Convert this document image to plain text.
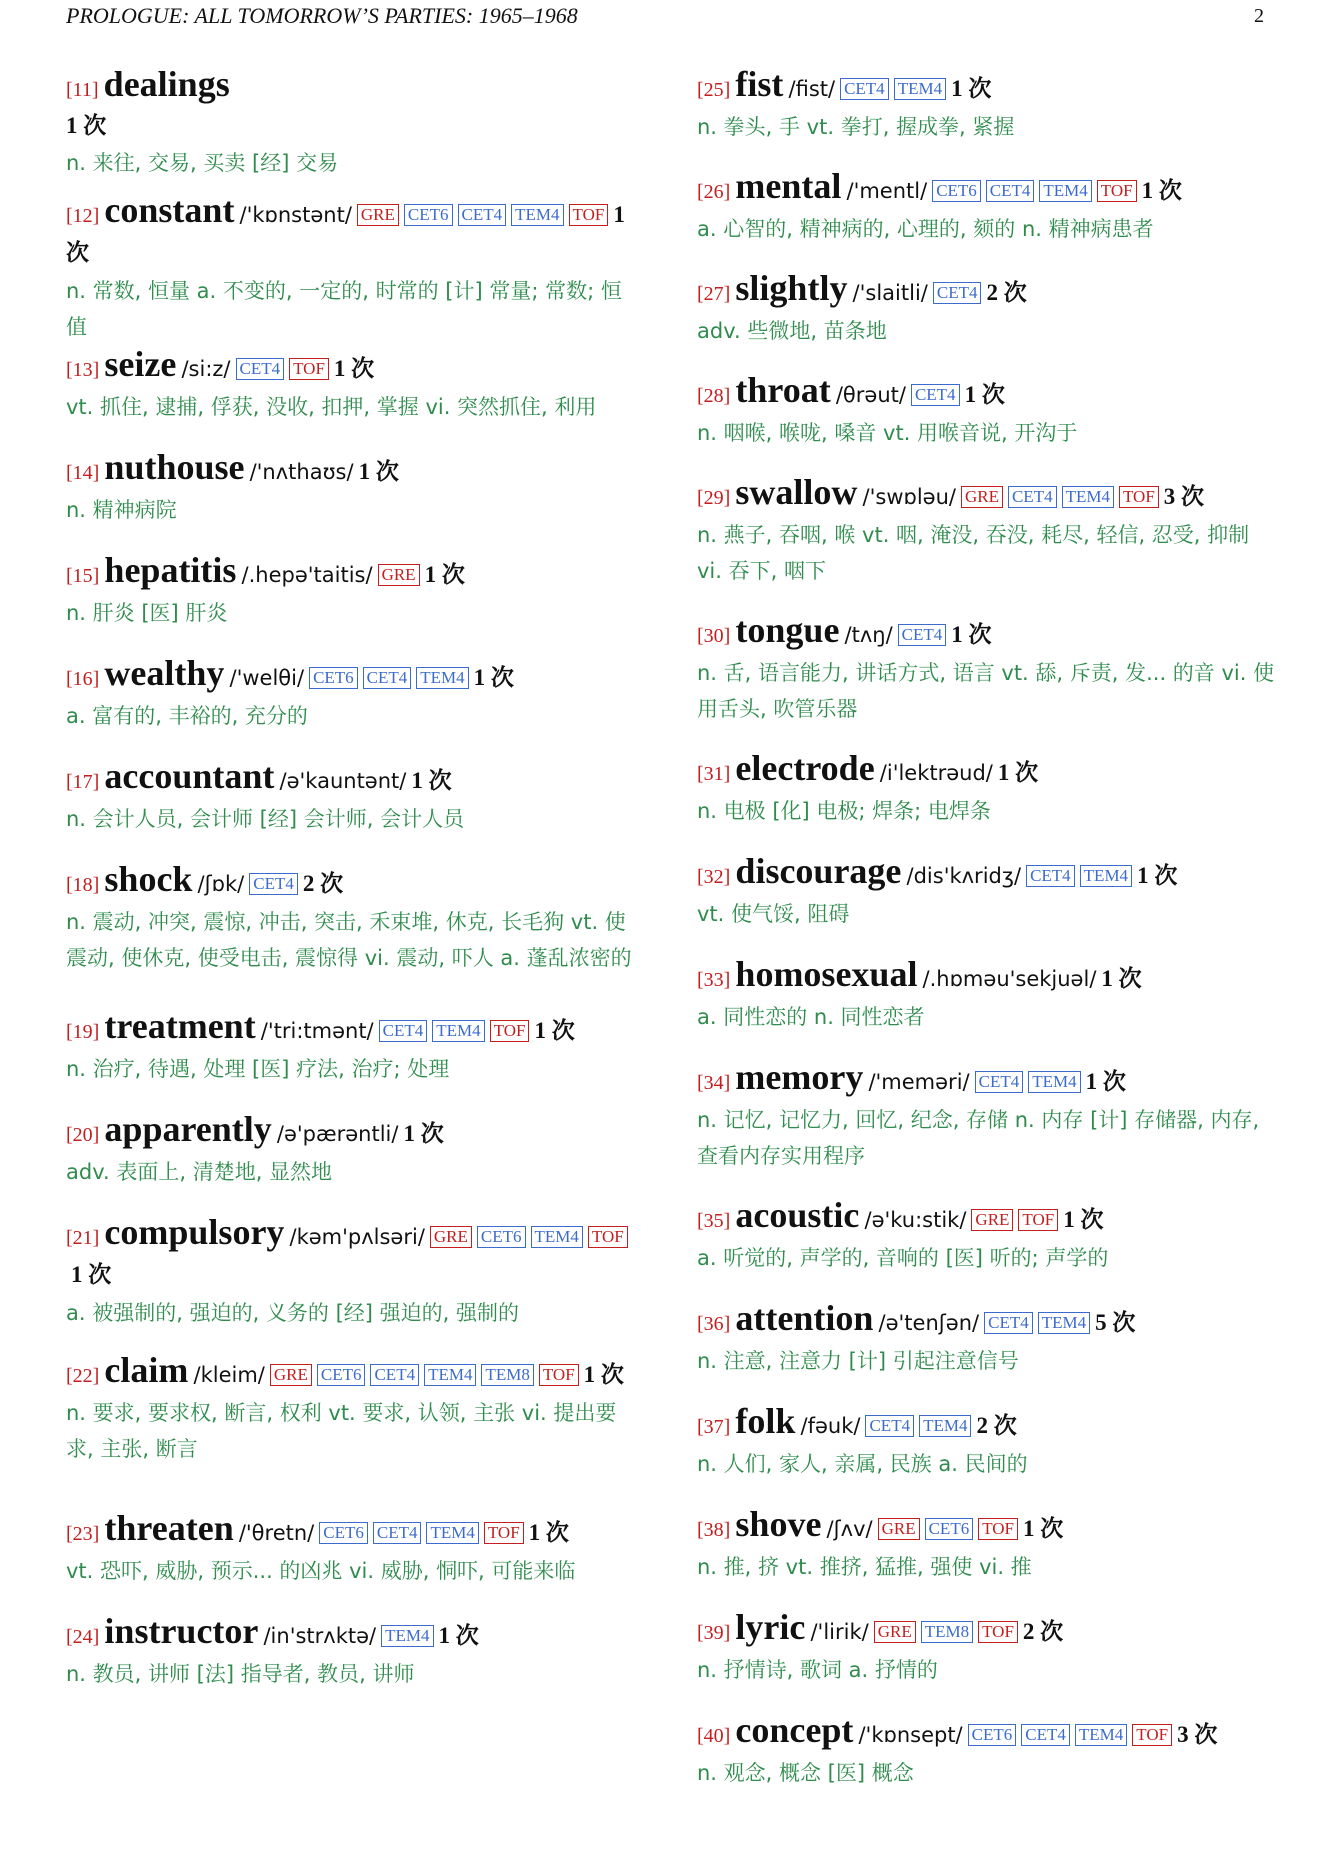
PROLOGUE: ALL TOMORROW’S PARTIES: 1965–1968	2
[11] dealings
1 次
n. 来往, 交易, 买卖 [经] 交易
[12] constant /'kɒnstənt/ GRE CET6 CET4 TEM4 TOF 1 次
n. 常数, 恒量 a. 不变的, 一定的, 时常的 [计] 常量; 常数; 恒值
[13] seize /si:z/ CET4 TOF 1 次
vt. 抓住, 逮捕, 俘获, 没收, 扣押, 掌握 vi. 突然抓住, 利用
[14] nuthouse /'nʌthaʊs/ 1 次
n. 精神病院
[15] hepatitis /.hepə'taitis/ GRE 1 次
n. 肝炎 [医] 肝炎
[16] wealthy /'welθi/ CET6 CET4 TEM4 1 次
a. 富有的, 丰裕的, 充分的
[17] accountant /ə'kauntənt/ 1 次
n. 会计人员, 会计师 [经] 会计师, 会计人员
[18] shock /ʃɒk/ CET4 2 次
n. 震动, 冲突, 震惊, 冲击, 突击, 禾束堆, 休克, 长毛狗 vt. 使震动, 使休克, 使受电击, 震惊得 vi. 震动, 吓人 a. 蓬乱浓密的
[19] treatment /'tri:tmənt/ CET4 TEM4 TOF 1 次
n. 治疗, 待遇, 处理 [医] 疗法, 治疗; 处理
[20] apparently /ə'pærəntli/ 1 次
adv. 表面上, 清楚地, 显然地
[21] compulsory /kəm'pʌlsəri/ GRE CET6 TEM4 TOF1 次
a. 被强制的, 强迫的, 义务的 [经] 强迫的, 强制的
[22] claim /kleim/ GRE CET6 CET4 TEM4 TEM8 TOF 1 次
n. 要求, 要求权, 断言, 权利 vt. 要求, 认领, 主张 vi. 提出要求, 主张, 断言
[23] threaten /'θretn/ CET6 CET4 TEM4 TOF 1 次
vt. 恐吓, 威胁, 预示... 的凶兆 vi. 威胁, 恫吓, 可能来临
[24] instructor /in'strʌktə/ TEM4 1 次
n. 教员, 讲师 [法] 指导者, 教员, 讲师
[25] fist /fist/ CET4 TEM4 1 次
n. 拳头, 手 vt. 拳打, 握成拳, 紧握
[26] mental /'mentl/ CET6 CET4 TEM4 TOF 1 次
a. 心智的, 精神病的, 心理的, 颏的 n. 精神病患者
[27] slightly /'slaitli/ CET4 2 次
adv. 些微地, 苗条地
[28] throat /θrəut/ CET4 1 次
n. 咽喉, 喉咙, 嗓音 vt. 用喉音说, 开沟于
[29] swallow /'swɒləu/ GRE CET4 TEM4 TOF 3 次
n. 燕子, 吞咽, 喉 vt. 咽, 淹没, 吞没, 耗尽, 轻信, 忍受, 抑制 vi. 吞下, 咽下
[30] tongue /tʌŋ/ CET4 1 次
n. 舌, 语言能力, 讲话方式, 语言 vt. 舔, 斥责, 发... 的音 vi. 使用舌头, 吹管乐器
[31] electrode /i'lektrəud/ 1 次
n. 电极 [化] 电极; 焊条; 电焊条
[32] discourage /dis'kʌridʒ/ CET4 TEM4 1 次
vt. 使气馁, 阻碍
[33] homosexual /.hɒməu'sekjuəl/ 1 次
a. 同性恋的 n. 同性恋者
[34] memory /'meməri/ CET4 TEM4 1 次
n. 记忆, 记忆力, 回忆, 纪念, 存储 n. 内存 [计] 存储器, 内存, 查看内存实用程序
[35] acoustic /ə'ku:stik/ GRE TOF 1 次
a. 听觉的, 声学的, 音响的 [医] 听的; 声学的
[36] attention /ə'tenʃən/ CET4 TEM4 5 次
n. 注意, 注意力 [计] 引起注意信号
[37] folk /fəuk/ CET4 TEM4 2 次
n. 人们, 家人, 亲属, 民族 a. 民间的
[38] shove /ʃʌv/ GRE CET6 TOF 1 次
n. 推, 挤 vt. 推挤, 猛推, 强使 vi. 推
[39] lyric /'lirik/ GRE TEM8 TOF 2 次
n. 抒情诗, 歌词 a. 抒情的
[40] concept /'kɒnsept/ CET6 CET4 TEM4 TOF 3 次
n. 观念, 概念 [医] 概念
